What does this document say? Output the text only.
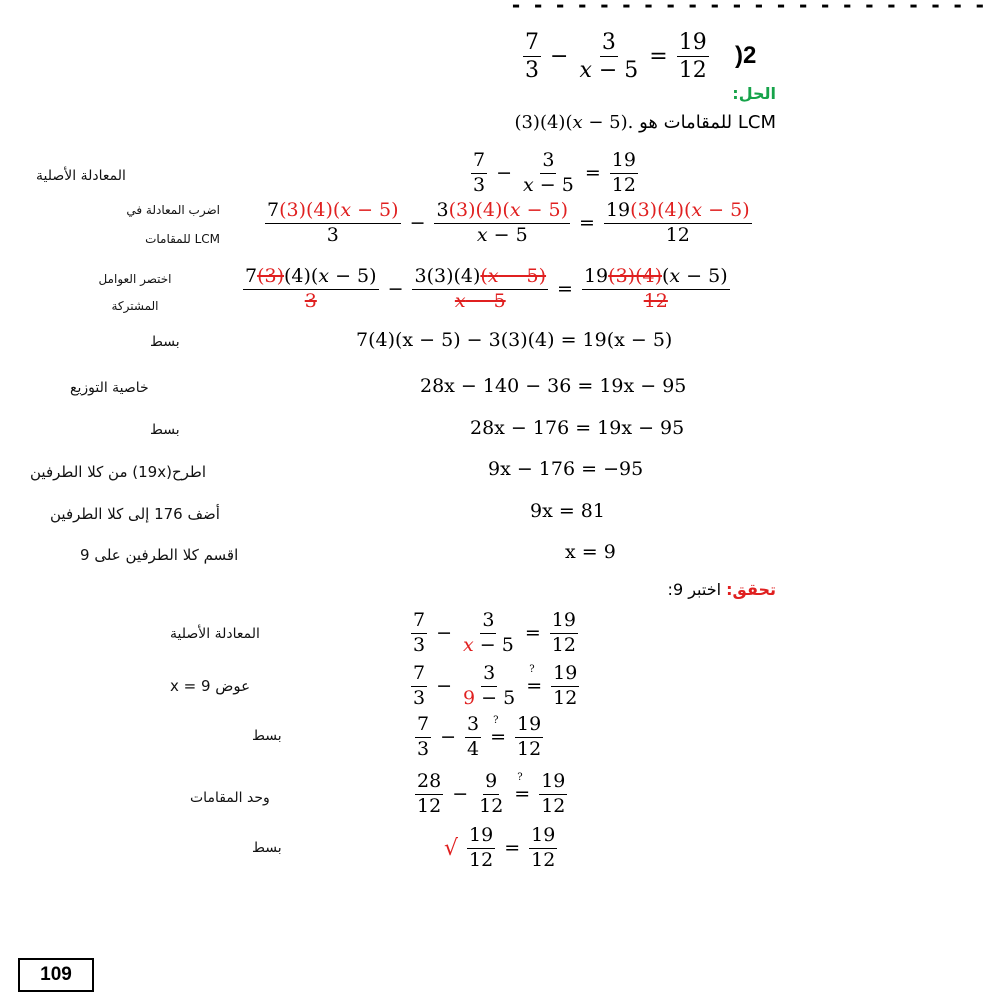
- - - - - - - - - - - - - - - - - - - - - -
7
3
− $\frac{3}{x - 5} = \frac{19}{12} )2$
الحل:
LCM للمقامات هو (3)(4)(x − 5).
المعادلة الأصلية
7
3
− $\frac{3}{x - 5} = \frac{19}{12}$
اضرب المعادلة في
LCM للمقامات
7(3)(4)(x − 5)
3
− $\frac{3(3)(4)(x - 5)}{x - 5} = \frac{19(3)(4)(x - 5)}{12}$
اختصر العوامل
المشتركة
7(3)(4)(x − 5)
3
− $\frac{3(3)(4)(x - 5)}{x - 5} = \frac{19(3)(4)(x - 5)}{12}$
بسط	7(4)(x − 5) − 3(3)(4) = 19(x − 5)
خاصية التوزيع	28x − 140 − 36 = 19x − 95
بسط	28x − 176 = 19x − 95
اطرح(19x) من كلا الطرفين	9x − 176 = −95
أضف 176 إلى كلا الطرفين	9x = 81
اقسم كلا الطرفين على 9	x = 9
تحقق: اختبر 9:
المعادلة الأصلية
7
3
− $\frac{3}{x - 5} = \frac{19}{12}$
عوض x = 9
7
3
− $\frac{3}{9 - 5}$ ? = $\frac{19}{12}$
بسط
7
3
− $\frac{3}{4}$ ? = $\frac{19}{12}$
وحد المقامات
28
12
− $\frac{9}{12}$ ? = $\frac{19}{12}$
بسط	√ $\frac{19}{12} = \frac{19}{12}$
109
